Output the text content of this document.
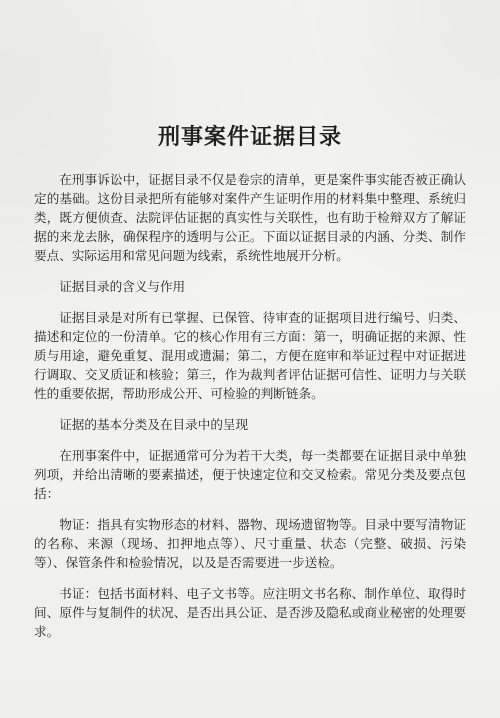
刑事案件证据目录

在刑事诉讼中，证据目录不仅是卷宗的清单，更是案件事实能否被正确认定的基础。这份目录把所有能够对案件产生证明作用的材料集中整理、系统归类，既方便侦查、法院评估证据的真实性与关联性，也有助于检辩双方了解证据的来龙去脉，确保程序的透明与公正。下面以证据目录的内涵、分类、制作要点、实际运用和常见问题为线索，系统性地展开分析。

证据目录的含义与作用

证据目录是对所有已掌握、已保管、待审查的证据项目进行编号、归类、描述和定位的一份清单。它的核心作用有三方面：第一，明确证据的来源、性质与用途，避免重复、混用或遗漏；第二，方便在庭审和举证过程中对证据进行调取、交叉质证和核验；第三，作为裁判者评估证据可信性、证明力与关联性的重要依据，帮助形成公开、可检验的判断链条。

证据的基本分类及在目录中的呈现

在刑事案件中，证据通常可分为若干大类，每一类都要在证据目录中单独列项，并给出清晰的要素描述，便于快速定位和交叉检索。常见分类及要点包括：

物证：指具有实物形态的材料、器物、现场遗留物等。目录中要写清物证的名称、来源（现场、扣押地点等）、尺寸重量、状态（完整、破损、污染等）、保管条件和检验情况，以及是否需要进一步送检。

书证：包括书面材料、电子文书等。应注明文书名称、制作单位、取得时间、原件与复制件的状况、是否出具公证、是否涉及隐私或商业秘密的处理要求。
